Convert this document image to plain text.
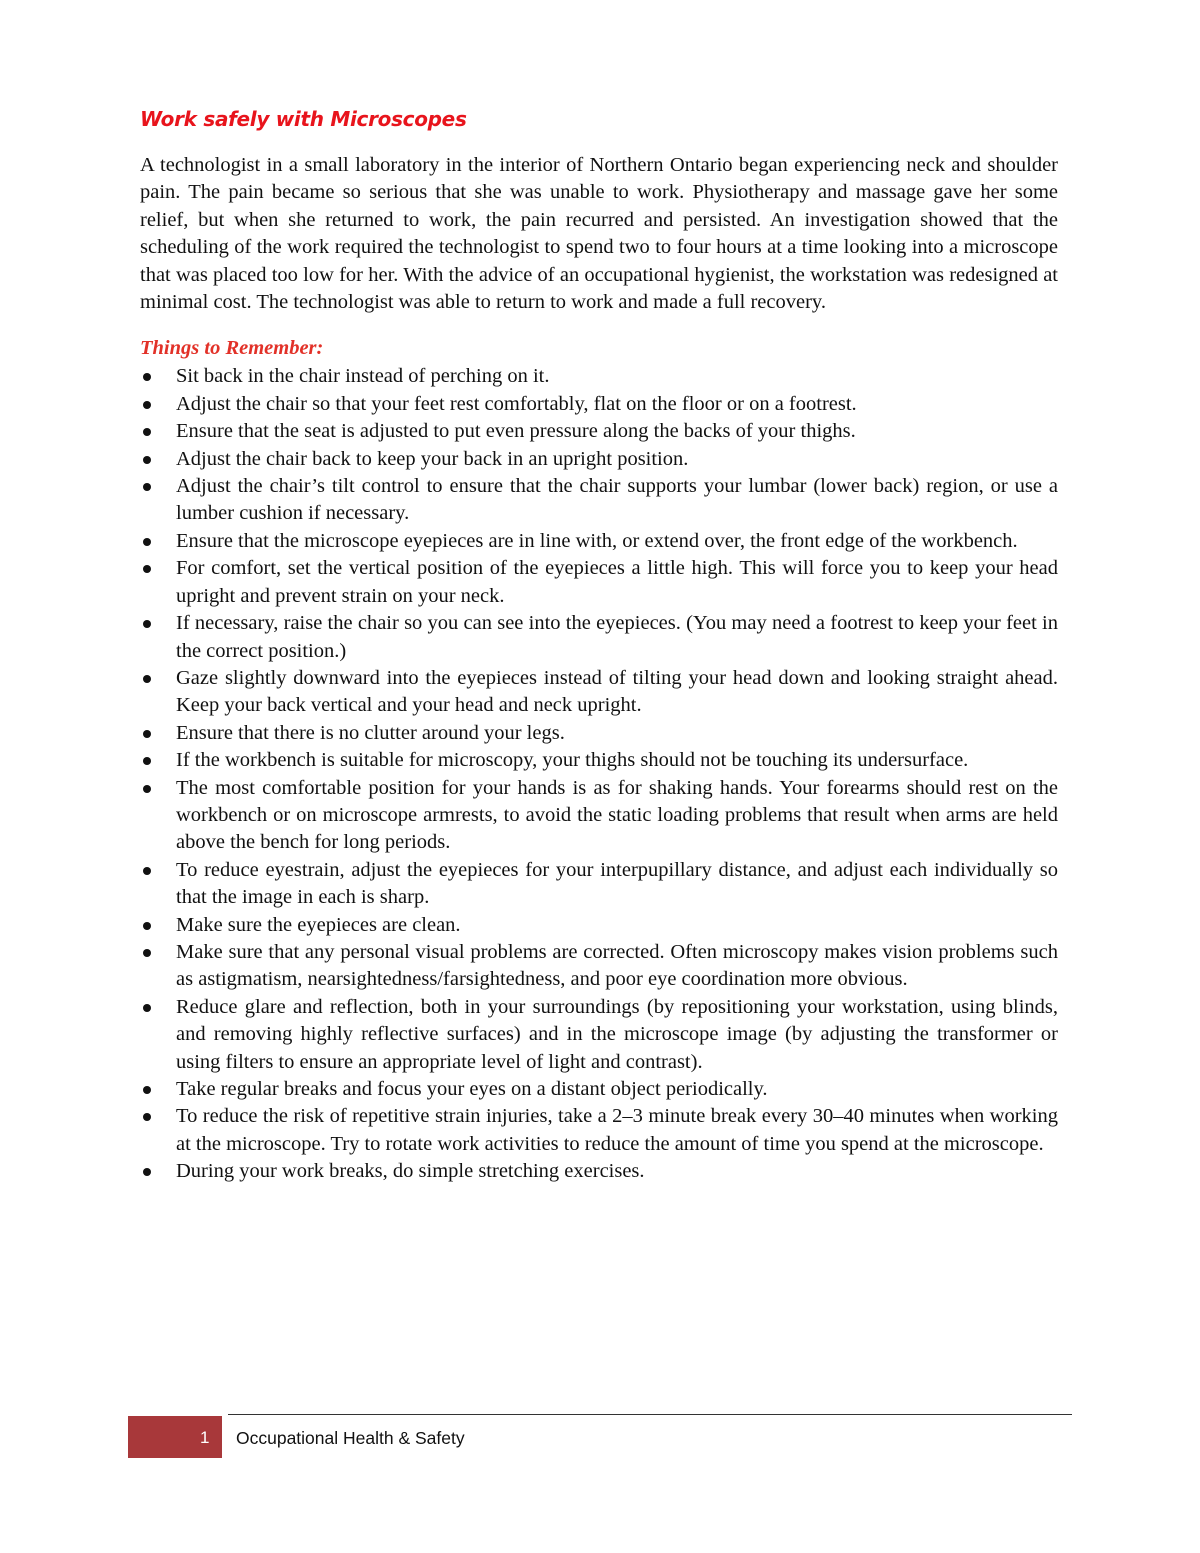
Work safely with Microscopes

A technologist in a small laboratory in the interior of Northern Ontario began experiencing neck and shoulder pain. The pain became so serious that she was unable to work. Physiotherapy and massage gave her some relief, but when she returned to work, the pain recurred and persisted. An investigation showed that the scheduling of the work required the technologist to spend two to four hours at a time looking into a microscope that was placed too low for her. With the advice of an occupational hygienist, the workstation was redesigned at minimal cost. The technologist was able to return to work and made a full recovery.

Things to Remember:

Sit back in the chair instead of perching on it.
Adjust the chair so that your feet rest comfortably, flat on the floor or on a footrest.
Ensure that the seat is adjusted to put even pressure along the backs of your thighs.
Adjust the chair back to keep your back in an upright position.
Adjust the chair’s tilt control to ensure that the chair supports your lumbar (lower back) region, or use a lumber cushion if necessary.
Ensure that the microscope eyepieces are in line with, or extend over, the front edge of the workbench.
For comfort, set the vertical position of the eyepieces a little high. This will force you to keep your head upright and prevent strain on your neck.
If necessary, raise the chair so you can see into the eyepieces. (You may need a footrest to keep your feet in the correct position.)
Gaze slightly downward into the eyepieces instead of tilting your head down and looking straight ahead. Keep your back vertical and your head and neck upright.
Ensure that there is no clutter around your legs.
If the workbench is suitable for microscopy, your thighs should not be touching its undersurface.
The most comfortable position for your hands is as for shaking hands. Your forearms should rest on the workbench or on microscope armrests, to avoid the static loading problems that result when arms are held above the bench for long periods.
To reduce eyestrain, adjust the eyepieces for your interpupillary distance, and adjust each individually so that the image in each is sharp.
Make sure the eyepieces are clean.
Make sure that any personal visual problems are corrected. Often microscopy makes vision problems such as astigmatism, nearsightedness/farsightedness, and poor eye coordination more obvious.
Reduce glare and reflection, both in your surroundings (by repositioning your workstation, using blinds, and removing highly reflective surfaces) and in the microscope image (by adjusting the transformer or using filters to ensure an appropriate level of light and contrast).
Take regular breaks and focus your eyes on a distant object periodically.
To reduce the risk of repetitive strain injuries, take a 2–3 minute break every 30–40 minutes when working at the microscope. Try to rotate work activities to reduce the amount of time you spend at the microscope.
During your work breaks, do simple stretching exercises.
1 Occupational Health & Safety
